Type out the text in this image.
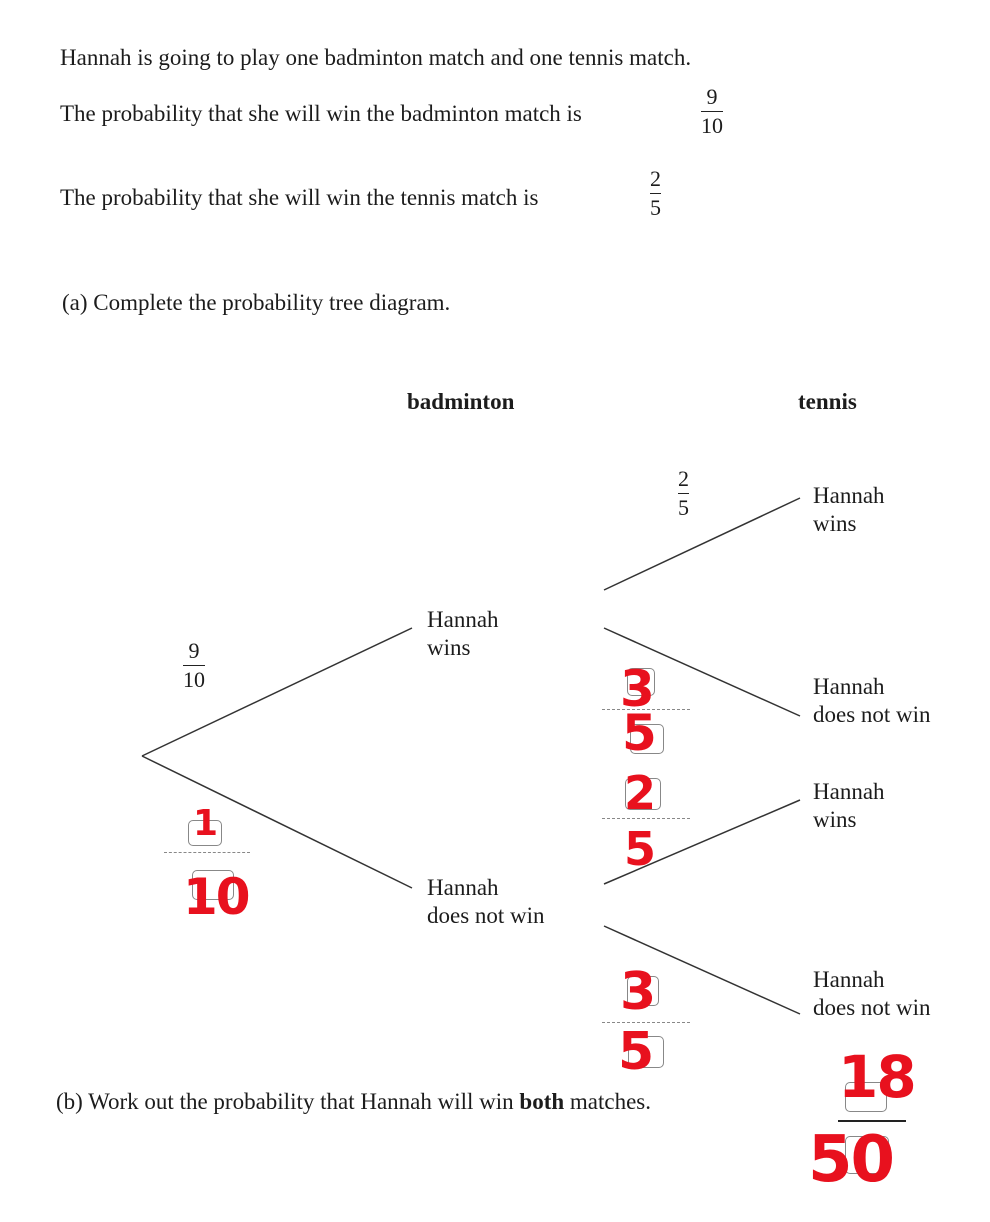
Hannah is going to play one badminton match and one tennis match.
The probability that she will win the badminton match is
9
10
The probability that she will win the tennis match is
2
5
(a) Complete the probability tree diagram.
badminton	tennis
9
10
2
5
Hannah
wins
Hannah
does not win
Hannah
wins
Hannah
does not win
Hannah
wins
Hannah
does not win
(b) Work out the probability that Hannah will win both matches.
1
10
3
5
2
5
3
5	18
50
